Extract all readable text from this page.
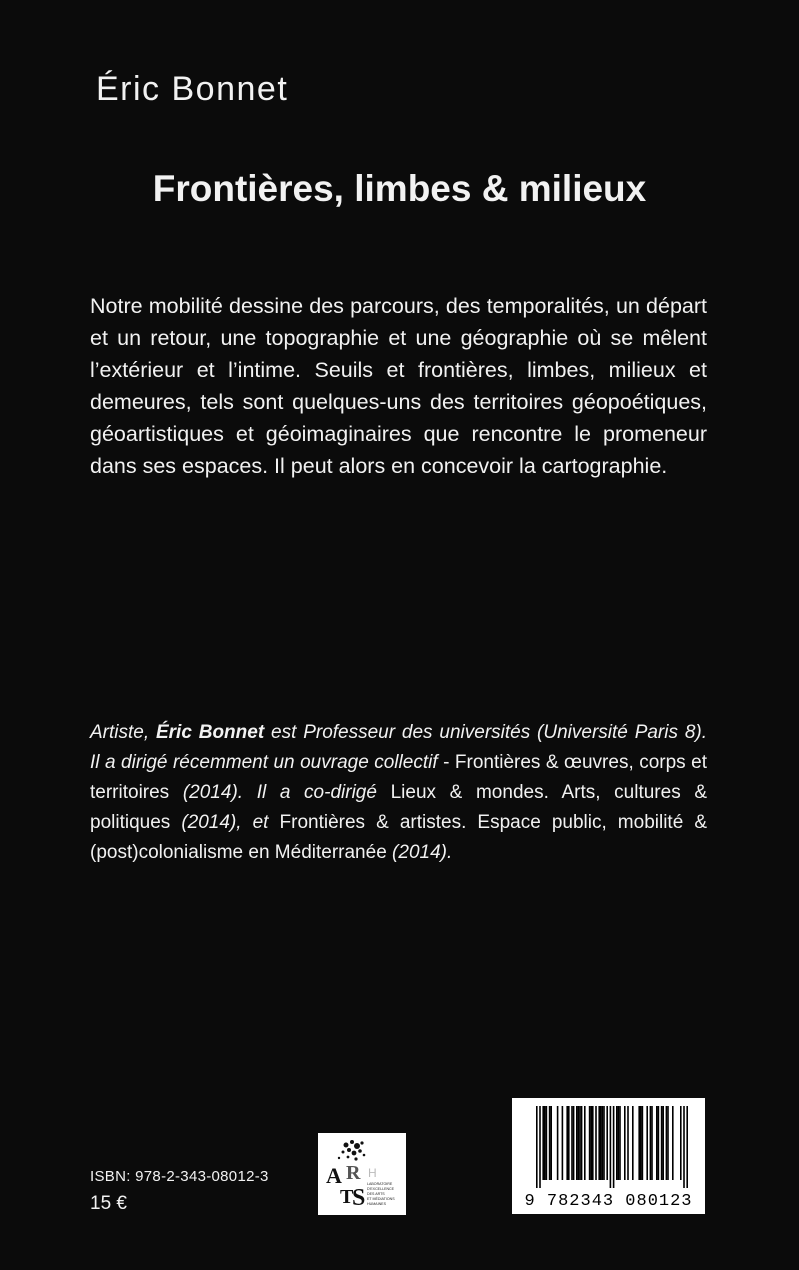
Éric Bonnet

Frontières, limbes & milieux

Notre mobilité dessine des parcours, des temporalités, un départ et un retour, une topographie et une géographie où se mêlent l’extérieur et l’intime. Seuils et frontières, limbes, milieux et demeures, tels sont quelques-uns des territoires géopoétiques, géoartistiques et géoimaginaires que rencontre le promeneur dans ses espaces. Il peut alors en concevoir la cartographie.

Artiste, Éric Bonnet est Professeur des universités (Université Paris 8). Il a dirigé récemment un ouvrage collectif - Frontières & œuvres, corps et territoires (2014). Il a co-dirigé Lieux & mondes. Arts, cultures & politiques (2014), et Frontières & artistes. Espace public, mobilité & (post)colonialisme en Méditerranée (2014).

ISBN: 978-2-343-08012-3
15 €
A R
T
S
H
LABORATOIRE
D'EXCELLENCE
DES ARTS
ET MÉDIATIONS
HUMAINES	9 782343 080123
